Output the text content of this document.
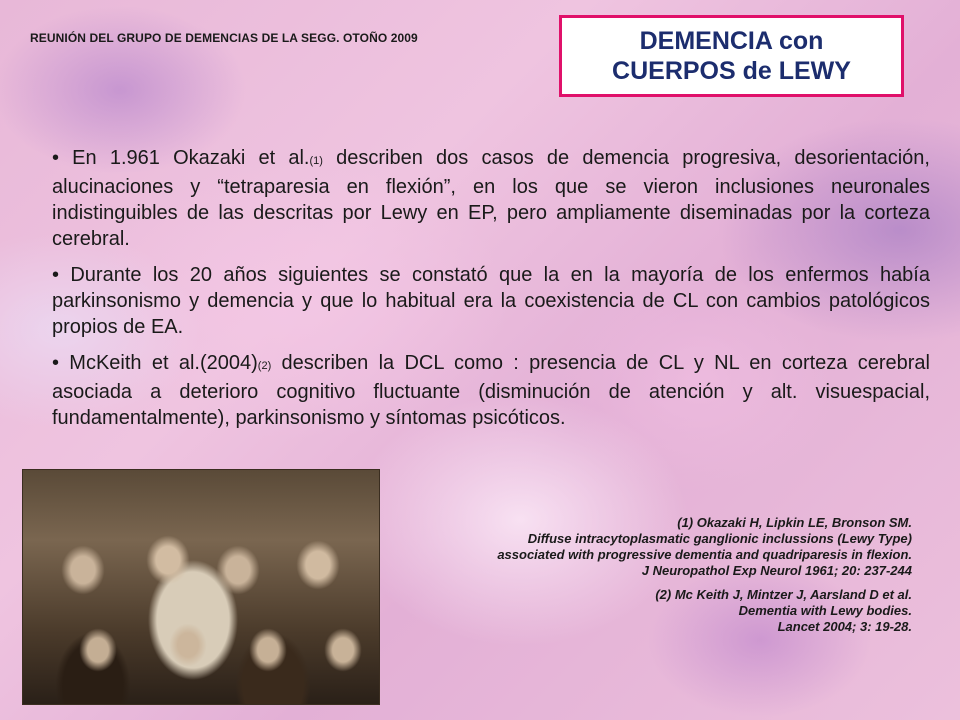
REUNIÓN DEL GRUPO DE DEMENCIAS DE LA SEGG. OTOÑO 2009	DEMENCIA con
CUERPOS de LEWY

• En 1.961 Okazaki et al.(1) describen dos casos de demencia progresiva, desorientación, alucinaciones y “tetraparesia en flexión”, en los que se vieron inclusiones neuronales indistinguibles de las descritas por Lewy en EP, pero ampliamente diseminadas por la corteza cerebral.

• Durante los 20 años siguientes se constató que la en la mayoría de los enfermos había parkinsonismo y demencia y que lo habitual era la coexistencia de CL con cambios patológicos propios de EA.

• McKeith et al.(2004)(2) describen la DCL como : presencia de CL y NL en corteza cerebral asociada a deterioro cognitivo fluctuante (disminución de atención y alt. visuespacial, fundamentalmente), parkinsonismo y síntomas psicóticos.

(1) Okazaki H, Lipkin LE, Bronson SM.
Diffuse intracytoplasmatic ganglionic inclussions (Lewy Type)
associated with progressive dementia and quadriparesis in flexion.
J Neuropathol Exp Neurol 1961; 20: 237-244
(2) Mc Keith J, Mintzer J, Aarsland D et al.
Dementia with Lewy bodies.
Lancet 2004; 3: 19-28.
